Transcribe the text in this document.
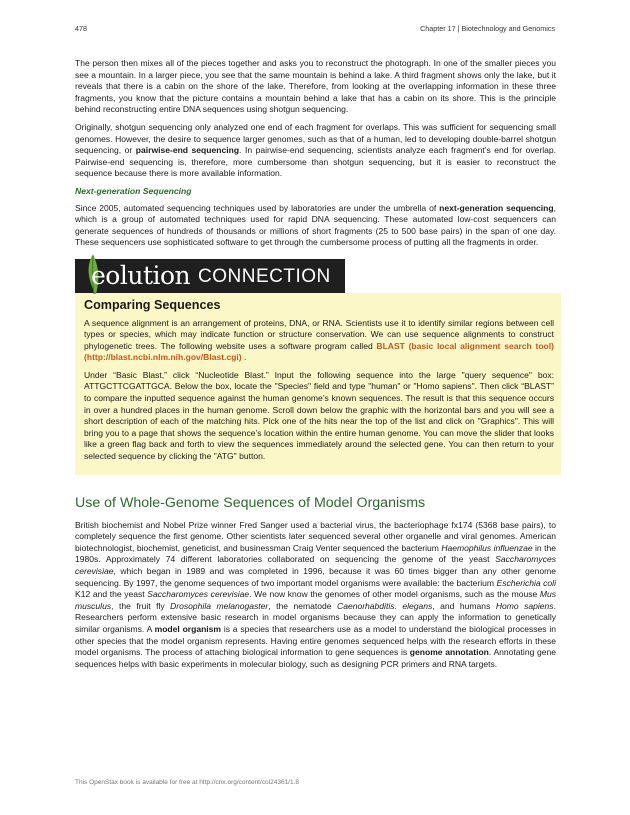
478	Chapter 17 | Biotechnology and Genomics

The person then mixes all of the pieces together and asks you to reconstruct the photograph. In one of the smaller pieces you see a mountain. In a larger piece, you see that the same mountain is behind a lake. A third fragment shows only the lake, but it reveals that there is a cabin on the shore of the lake. Therefore, from looking at the overlapping information in these three fragments, you know that the picture contains a mountain behind a lake that has a cabin on its shore. This is the principle behind reconstructing entire DNA sequences using shotgun sequencing.

Originally, shotgun sequencing only analyzed one end of each fragment for overlaps. This was sufficient for sequencing small genomes. However, the desire to sequence larger genomes, such as that of a human, led to developing double-barrel shotgun sequencing, or pairwise-end sequencing. In pairwise-end sequencing, scientists analyze each fragment’s end for overlap. Pairwise-end sequencing is, therefore, more cumbersome than shotgun sequencing, but it is easier to reconstruct the sequence because there is more available information.

Next-generation Sequencing

Since 2005, automated sequencing techniques used by laboratories are under the umbrella of next-generation sequencing, which is a group of automated techniques used for rapid DNA sequencing. These automated low-cost sequencers can generate sequences of hundreds of thousands or millions of short fragments (25 to 500 base pairs) in the span of one day. These sequencers use sophisticated software to get through the cumbersome process of putting all the fragments in order.

eolution CONNECTION
Comparing Sequences

A sequence alignment is an arrangement of proteins, DNA, or RNA. Scientists use it to identify similar regions between cell types or species, which may indicate function or structure conservation. We can use sequence alignments to construct phylogenetic trees. The following website uses a software program called BLAST (basic local alignment search tool) (http://blast.ncbi.nlm.nih.gov/Blast.cgi) .

Under “Basic Blast,” click “Nucleotide Blast.” Input the following sequence into the large "query sequence" box: ATTGCTTCGATTGCA. Below the box, locate the "Species" field and type "human" or "Homo sapiens". Then click “BLAST” to compare the inputted sequence against the human genome’s known sequences. The result is that this sequence occurs in over a hundred places in the human genome. Scroll down below the graphic with the horizontal bars and you will see a short description of each of the matching hits. Pick one of the hits near the top of the list and click on "Graphics". This will bring you to a page that shows the sequence’s location within the entire human genome. You can move the slider that looks like a green flag back and forth to view the sequences immediately around the selected gene. You can then return to your selected sequence by clicking the "ATG" button.

Use of Whole-Genome Sequences of Model Organisms

British biochemist and Nobel Prize winner Fred Sanger used a bacterial virus, the bacteriophage fx174 (5368 base pairs), to completely sequence the first genome. Other scientists later sequenced several other organelle and viral genomes. American biotechnologist, biochemist, geneticist, and businessman Craig Venter sequenced the bacterium Haemophilus influenzae in the 1980s. Approximately 74 different laboratories collaborated on sequencing the genome of the yeast Saccharomyces cerevisiae, which began in 1989 and was completed in 1996, because it was 60 times bigger than any other genome sequencing. By 1997, the genome sequences of two important model organisms were available: the bacterium Escherichia coli K12 and the yeast Saccharomyces cerevisiae. We now know the genomes of other model organisms, such as the mouse Mus musculus, the fruit fly Drosophila melanogaster, the nematode Caenorhabditis. elegans, and humans Homo sapiens. Researchers perform extensive basic research in model organisms because they can apply the information to genetically similar organisms. A model organism is a species that researchers use as a model to understand the biological processes in other species that the model organism represents. Having entire genomes sequenced helps with the research efforts in these model organisms. The process of attaching biological information to gene sequences is genome annotation. Annotating gene sequences helps with basic experiments in molecular biology, such as designing PCR primers and RNA targets.

This OpenStax book is available for free at http://cnx.org/content/col24361/1.8
